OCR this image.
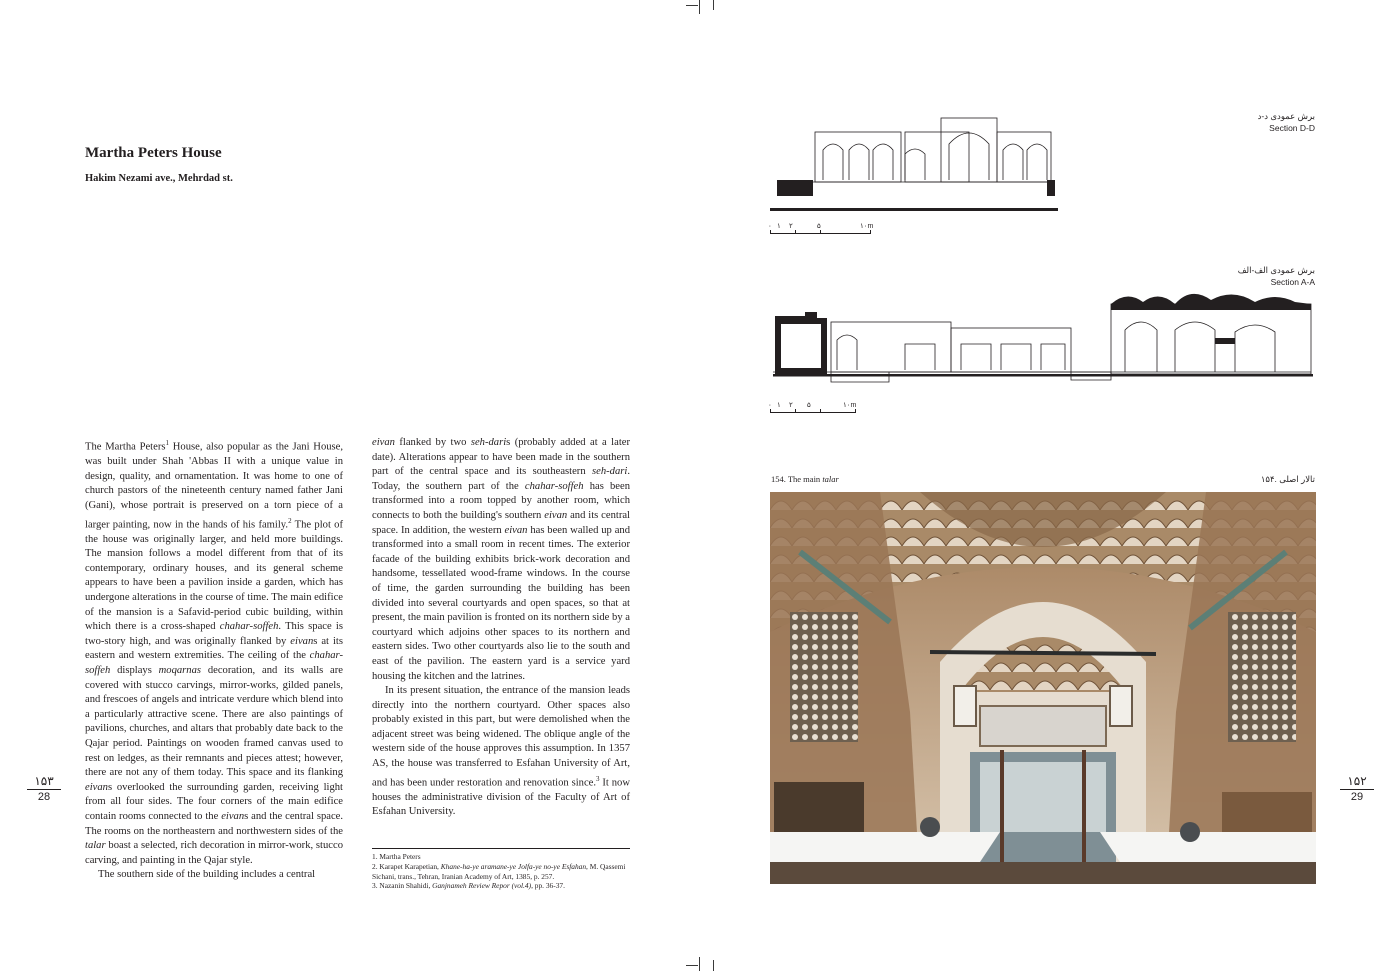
Martha Peters House
Hakim Nezami ave., Mehrdad st.

The Martha Peters$^1$ House, also popular as the Jani House, was built under Shah 'Abbas II with a unique value in design, quality, and ornamentation. It was home to one of church pastors of the nineteenth century named father Jani (Gani), whose portrait is preserved on a torn piece of a larger painting, now in the hands of his family.$^2$ The plot of the house was originally larger, and held more buildings. The mansion follows a model different from that of its contemporary, ordinary houses, and its general scheme appears to have been a pavilion inside a garden, which has undergone alterations in the course of time. The main edifice of the mansion is a Safavid-period cubic building, within which there is a cross-shaped chahar-soffeh. This space is two-story high, and was originally flanked by eivans at its eastern and western extremities. The ceiling of the chahar-soffeh displays moqarnas decoration, and its walls are covered with stucco carvings, mirror-works, gilded panels, and frescoes of angels and intricate verdure which blend into a particularly attractive scene. There are also paintings of pavilions, churches, and altars that probably date back to the Qajar period. Paintings on wooden framed canvas used to rest on ledges, as their remnants and pieces attest; however, there are not any of them today. This space and its flanking eivans overlooked the surrounding garden, receiving light from all four sides. The four corners of the main edifice contain rooms connected to the eivans and the central space. The rooms on the northeastern and northwestern sides of the talar boast a selected, rich decoration in mirror-work, stucco carving, and painting in the Qajar style.

The southern side of the building includes a central

eivan flanked by two seh-daris (probably added at a later date). Alterations appear to have been made in the southern part of the central space and its southeastern seh-dari. Today, the southern part of the chahar-soffeh has been transformed into a room topped by another room, which connects to both the building's southern eivan and its central space. In addition, the western eivan has been walled up and transformed into a small room in recent times. The exterior facade of the building exhibits brick-work decoration and handsome, tessellated wood-frame windows. In the course of time, the garden surrounding the building has been divided into several courtyards and open spaces, so that at present, the main pavilion is fronted on its northern side by a courtyard which adjoins other spaces to its northern and eastern sides. Two other courtyards also lie to the south and east of the pavilion. The eastern yard is a service yard housing the kitchen and the latrines.

In its present situation, the entrance of the mansion leads directly into the northern courtyard. Other spaces also probably existed in this part, but were demolished when the adjacent street was being widened. The oblique angle of the western side of the house approves this assumption. In 1357 AS, the house was transferred to Esfahan University of Art, and has been under restoration and renovation since.$^3$ It now houses the administrative division of the Faculty of Art of Esfahan University.

1. Martha Peters
2. Karapet Karapetian, Khane-ha-ye aramane-ye Jolfa-ye no-ye Esfahan, M. Qassemi Sichani, trans., Tehran, Iranian Academy of Art, 1385, p. 257.
3. Nazanin Shahidi, Ganjnameh Review Repor (vol.4), pp. 36-37.
۱۵۳
28
برش عمودی د-د
Section D-D
۰ ۱ ۲	۵	۱۰m
برش عمودی الف-الف
Section A-A
۰ ۱ ۲ ۵	۱۰m
154. The main talar	۱۵۴. تالار اصلی
۱۵۲
29
